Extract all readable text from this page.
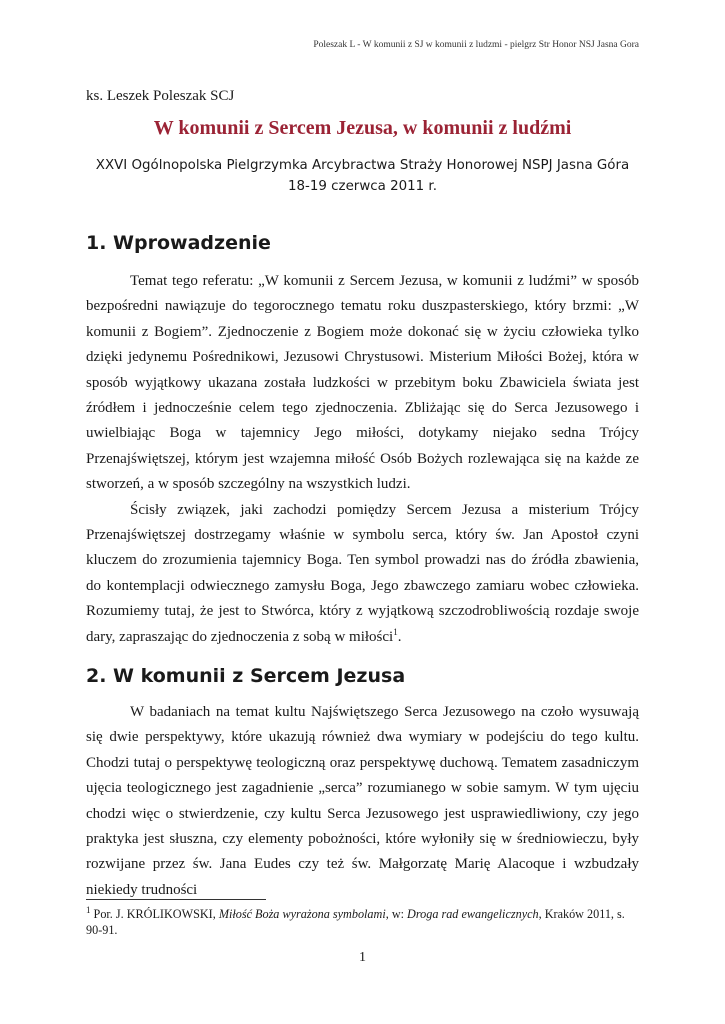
Poleszak L - W komunii z SJ w komunii z ludzmi - pielgrz Str Honor NSJ Jasna Gora
ks. Leszek Poleszak SCJ
W komunii z Sercem Jezusa, w komunii z ludźmi
XXVI Ogólnopolska Pielgrzymka Arcybractwa Straży Honorowej NSPJ Jasna Góra
18-19 czerwca 2011 r.
1. Wprowadzenie

Temat tego referatu: „W komunii z Sercem Jezusa, w komunii z ludźmi” w sposób bezpośredni nawiązuje do tegorocznego tematu roku duszpasterskiego, który brzmi: „W komunii z Bogiem”. Zjednoczenie z Bogiem może dokonać się w życiu człowieka tylko dzięki jedynemu Pośrednikowi, Jezusowi Chrystusowi. Misterium Miłości Bożej, która w sposób wyjątkowy ukazana została ludzkości w przebitym boku Zbawiciela świata jest źródłem i jednocześnie celem tego zjednoczenia. Zbliżając się do Serca Jezusowego i uwielbiając Boga w tajemnicy Jego miłości, dotykamy niejako sedna Trójcy Przenajświętszej, którym jest wzajemna miłość Osób Bożych rozlewająca się na każde ze stworzeń, a w sposób szczególny na wszystkich ludzi.

Ścisły związek, jaki zachodzi pomiędzy Sercem Jezusa a misterium Trójcy Przenajświętszej dostrzegamy właśnie w symbolu serca, który św. Jan Apostoł czyni kluczem do zrozumienia tajemnicy Boga. Ten symbol prowadzi nas do źródła zbawienia, do kontemplacji odwiecznego zamysłu Boga, Jego zbawczego zamiaru wobec człowieka. Rozumiemy tutaj, że jest to Stwórca, który z wyjątkową szczodrobliwością rozdaje swoje dary, zapraszając do zjednoczenia z sobą w miłości$^1$.

2. W komunii z Sercem Jezusa

W badaniach na temat kultu Najświętszego Serca Jezusowego na czoło wysuwają się dwie perspektywy, które ukazują również dwa wymiary w podejściu do tego kultu. Chodzi tutaj o perspektywę teologiczną oraz perspektywę duchową. Tematem zasadniczym ujęcia teologicznego jest zagadnienie „serca” rozumianego w sobie samym. W tym ujęciu chodzi więc o stwierdzenie, czy kultu Serca Jezusowego jest usprawiedliwiony, czy jego praktyka jest słuszna, czy elementy pobożności, które wyłoniły się w średniowieczu, były rozwijane przez św. Jana Eudes czy też św. Małgorzatę Marię Alacoque i wzbudzały niekiedy trudności

$^1$ Por. J. KRÓLIKOWSKI, Miłość Boża wyrażona symbolami, w: Droga rad ewangelicznych, Kraków 2011, s. 90-91.
1
